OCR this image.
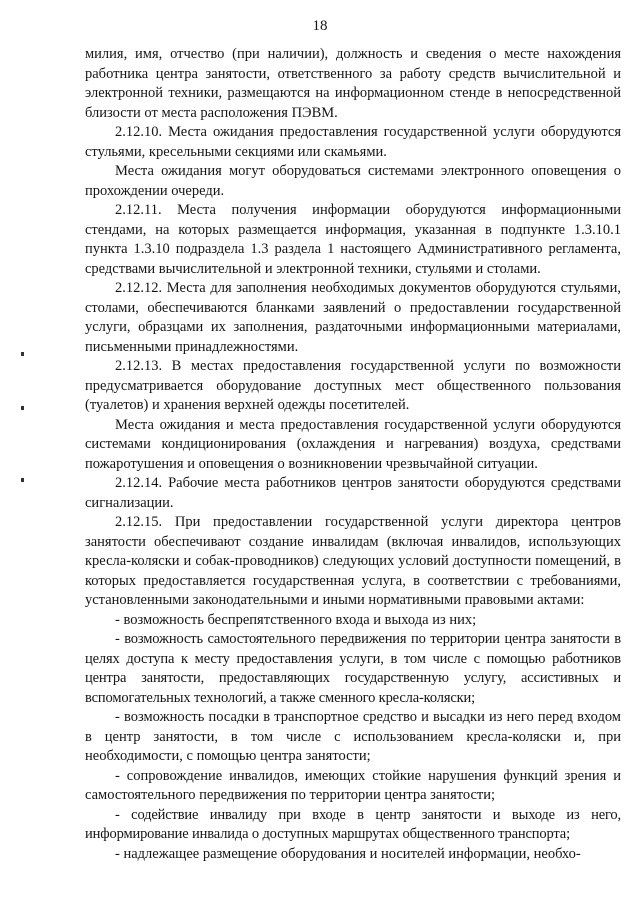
18

милия, имя, отчество (при наличии), должность и сведения о месте нахождения работника центра занятости, ответственного за работу средств вычислительной и электронной техники, размещаются на информационном стенде в непосредственной близости от места расположения ПЭВМ.

2.12.10. Места ожидания предоставления государственной услуги оборудуются стульями, кресельными секциями или скамьями.

Места ожидания могут оборудоваться системами электронного оповещения о прохождении очереди.

2.12.11. Места получения информации оборудуются информационными стендами, на которых размещается информация, указанная в подпункте 1.3.10.1 пункта 1.3.10 подраздела 1.3 раздела 1 настоящего Административного регламента, средствами вычислительной и электронной техники, стульями и столами.

2.12.12. Места для заполнения необходимых документов оборудуются стульями, столами, обеспечиваются бланками заявлений о предоставлении государственной услуги, образцами их заполнения, раздаточными информационными материалами, письменными принадлежностями.

2.12.13. В местах предоставления государственной услуги по возможности предусматривается оборудование доступных мест общественного пользования (туалетов) и хранения верхней одежды посетителей.

Места ожидания и места предоставления государственной услуги оборудуются системами кондиционирования (охлаждения и нагревания) воздуха, средствами пожаротушения и оповещения о возникновении чрезвычайной ситуации.

2.12.14. Рабочие места работников центров занятости оборудуются средствами сигнализации.

2.12.15. При предоставлении государственной услуги директора центров занятости обеспечивают создание инвалидам (включая инвалидов, использующих кресла-коляски и собак-проводников) следующих условий доступности помещений, в которых предоставляется государственная услуга, в соответствии с требованиями, установленными законодательными и иными нормативными правовыми актами:

- возможность беспрепятственного входа и выхода из них;

- возможность самостоятельного передвижения по территории центра занятости в целях доступа к месту предоставления услуги, в том числе с помощью работников центра занятости, предоставляющих государственную услугу, ассистивных и вспомогательных технологий, а также сменного кресла-коляски;

- возможность посадки в транспортное средство и высадки из него перед входом в центр занятости, в том числе с использованием кресла-коляски и, при необходимости, с помощью центра занятости;

- сопровождение инвалидов, имеющих стойкие нарушения функций зрения и самостоятельного передвижения по территории центра занятости;

- содействие инвалиду при входе в центр занятости и выходе из него, информирование инвалида о доступных маршрутах общественного транспорта;

- надлежащее размещение оборудования и носителей информации, необхо-
